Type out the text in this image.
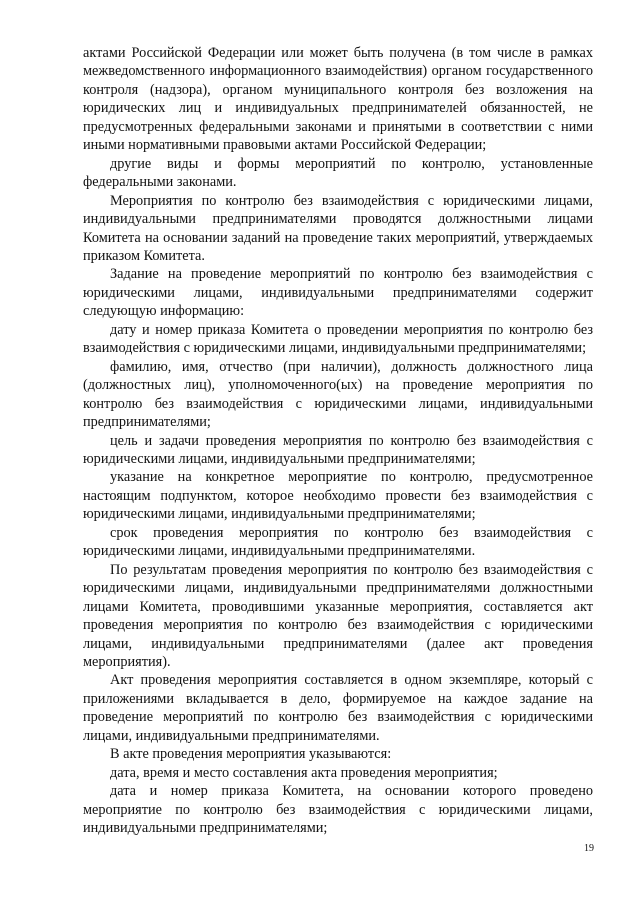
актами Российской Федерации или может быть получена (в том числе в рамках межведомственного информационного взаимодействия) органом государственного контроля (надзора), органом муниципального контроля без возложения на юридических лиц и индивидуальных предпринимателей обязанностей, не предусмотренных федеральными законами и принятыми в соответствии с ними иными нормативными правовыми актами Российской Федерации;

другие виды и формы мероприятий по контролю, установленные федеральными законами.

Мероприятия по контролю без взаимодействия с юридическими лицами, индивидуальными предпринимателями проводятся должностными лицами Комитета на основании заданий на проведение таких мероприятий, утверждаемых приказом Комитета.

Задание на проведение мероприятий по контролю без взаимодействия с юридическими лицами, индивидуальными предпринимателями содержит следующую информацию:

дату и номер приказа Комитета о проведении мероприятия по контролю без взаимодействия с юридическими лицами, индивидуальными предпринимателями;

фамилию, имя, отчество (при наличии), должность должностного лица (должностных лиц), уполномоченного(ых) на проведение мероприятия по контролю без взаимодействия с юридическими лицами, индивидуальными предпринимателями;

цель и задачи проведения мероприятия по контролю без взаимодействия с юридическими лицами, индивидуальными предпринимателями;

указание на конкретное мероприятие по контролю, предусмотренное настоящим подпунктом, которое необходимо провести без взаимодействия с юридическими лицами, индивидуальными предпринимателями;

срок проведения мероприятия по контролю без взаимодействия с юридическими лицами, индивидуальными предпринимателями.

По результатам проведения мероприятия по контролю без взаимодействия с юридическими лицами, индивидуальными предпринимателями должностными лицами Комитета, проводившими указанные мероприятия, составляется акт проведения мероприятия по контролю без взаимодействия с юридическими лицами, индивидуальными предпринимателями (далее акт проведения мероприятия).

Акт проведения мероприятия составляется в одном экземпляре, который с приложениями вкладывается в дело, формируемое на каждое задание на проведение мероприятий по контролю без взаимодействия с юридическими лицами, индивидуальными предпринимателями.

В акте проведения мероприятия указываются:

дата, время и место составления акта проведения мероприятия;

дата и номер приказа Комитета, на основании которого проведено мероприятие по контролю без взаимодействия с юридическими лицами, индивидуальными предпринимателями;

19
